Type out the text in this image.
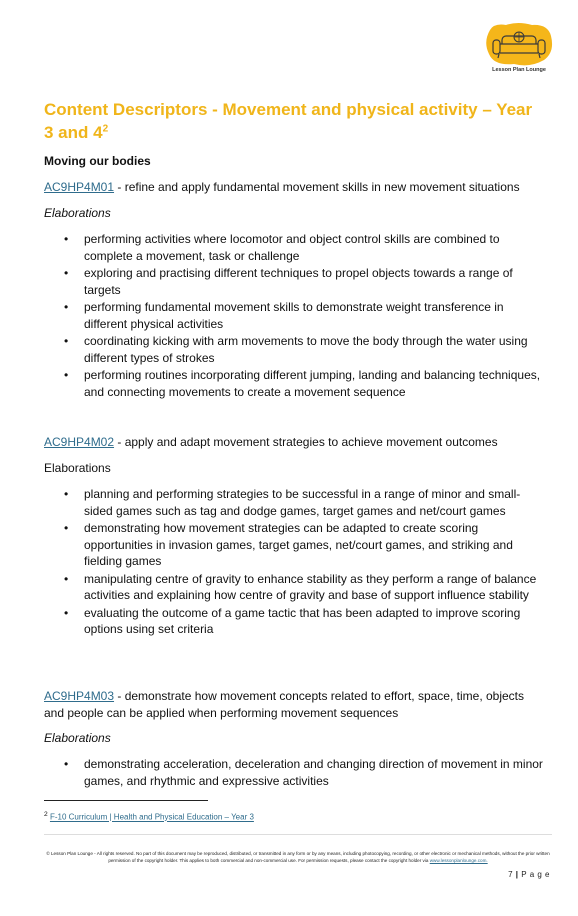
Lesson Plan Lounge
Content Descriptors - Movement and physical activity – Year 3 and $4^2$
Moving our bodies
AC9HP4M01 - refine and apply fundamental movement skills in new movement situations
Elaborations
• performing activities where locomotor and object control skills are combined to complete a movement, task or challenge
• exploring and practising different techniques to propel objects towards a range of targets
• performing fundamental movement skills to demonstrate weight transference in different physical activities
• coordinating kicking with arm movements to move the body through the water using different types of strokes
• performing routines incorporating different jumping, landing and balancing techniques, and connecting movements to create a movement sequence
AC9HP4M02 - apply and adapt movement strategies to achieve movement outcomes
Elaborations
• planning and performing strategies to be successful in a range of minor and small-sided games such as tag and dodge games, target games and net/court games
• demonstrating how movement strategies can be adapted to create scoring opportunities in invasion games, target games, net/court games, and striking and fielding games
• manipulating centre of gravity to enhance stability as they perform a range of balance activities and explaining how centre of gravity and base of support influence stability
• evaluating the outcome of a game tactic that has been adapted to improve scoring options using set criteria
AC9HP4M03 - demonstrate how movement concepts related to effort, space, time, objects and people can be applied when performing movement sequences
Elaborations
• demonstrating acceleration, deceleration and changing direction of movement in minor games, and rhythmic and expressive activities
$^2$ F-10 Curriculum | Health and Physical Education – Year 3
© Lesson Plan Lounge - All rights reserved. No part of this document may be reproduced, distributed, or transmitted in any form or by any means, including photocopying, recording, or other electronic or mechanical methods, without the prior written permission of the copyright holder. This applies to both commercial and non-commercial use. For permission requests, please contact the copyright holder via www.lessonplanlounge.com.
7 | P a g e
